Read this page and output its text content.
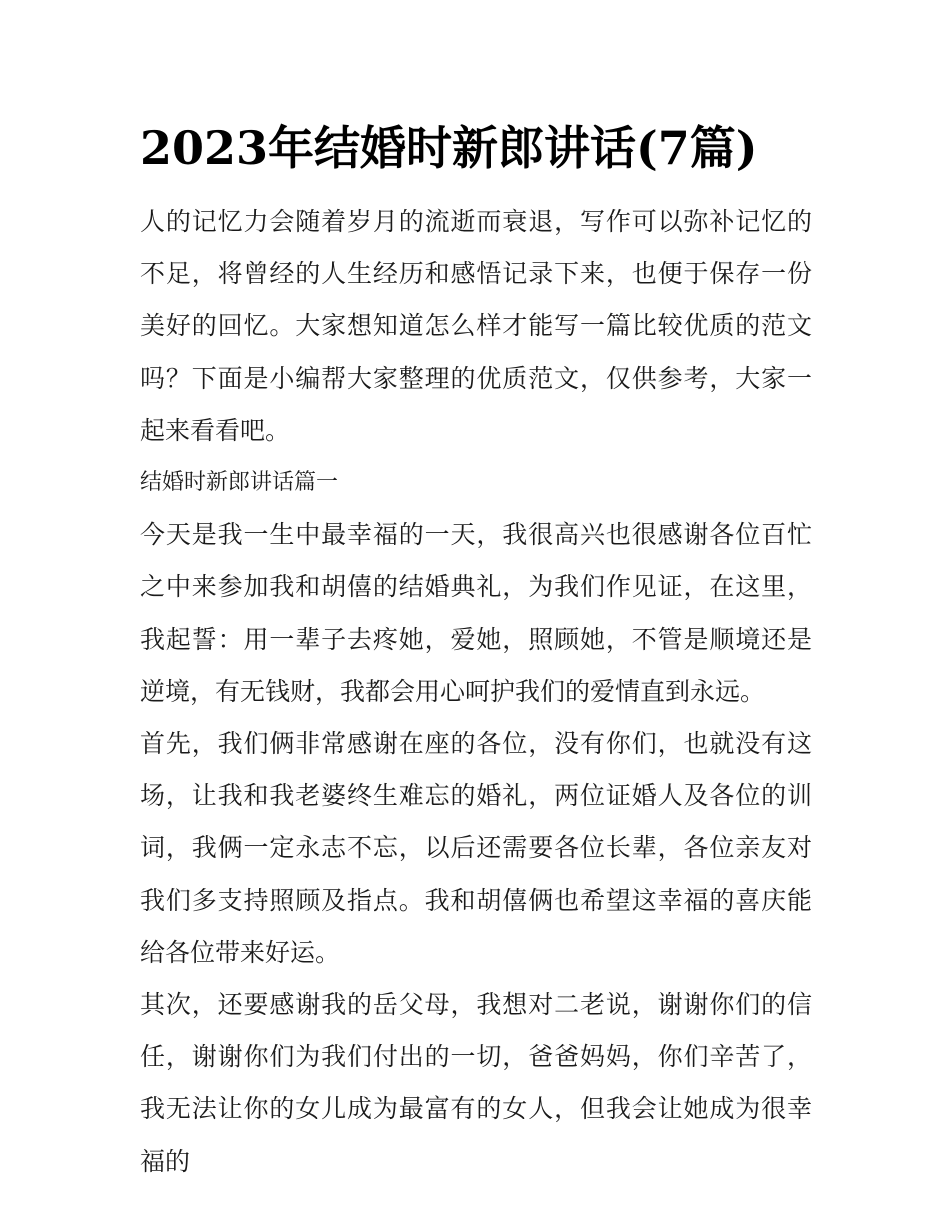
2023年结婚时新郎讲话(7篇)

人的记忆力会随着岁月的流逝而衰退，写作可以弥补记忆的不足，将曾经的人生经历和感悟记录下来，也便于保存一份美好的回忆。大家想知道怎么样才能写一篇比较优质的范文吗？下面是小编帮大家整理的优质范文，仅供参考，大家一起来看看吧。

结婚时新郎讲话篇一

今天是我一生中最幸福的一天，我很高兴也很感谢各位百忙之中来参加我和胡僖的结婚典礼，为我们作见证，在这里，我起誓：用一辈子去疼她，爱她，照顾她，不管是顺境还是逆境，有无钱财，我都会用心呵护我们的爱情直到永远。

首先，我们俩非常感谢在座的各位，没有你们，也就没有这场，让我和我老婆终生难忘的婚礼，两位证婚人及各位的训词，我俩一定永志不忘，以后还需要各位长辈，各位亲友对我们多支持照顾及指点。我和胡僖俩也希望这幸福的喜庆能给各位带来好运。

其次，还要感谢我的岳父母，我想对二老说，谢谢你们的信任，谢谢你们为我们付出的一切，爸爸妈妈，你们辛苦了，我无法让你的女儿成为最富有的女人，但我会让她成为很幸福的
